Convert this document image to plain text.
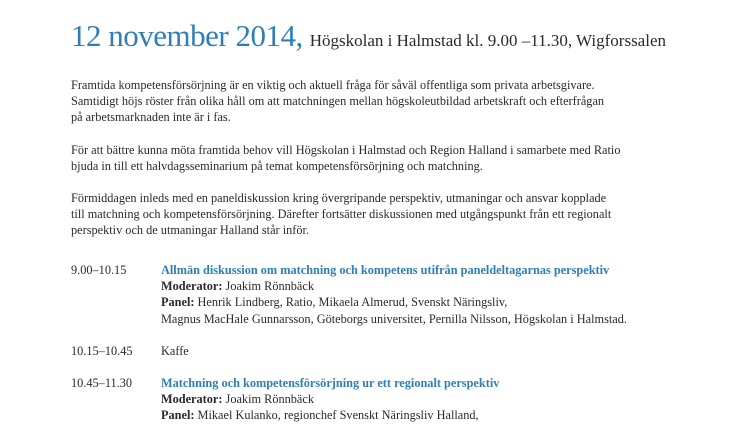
12 november 2014, Högskolan i Halmstad kl. 9.00 –11.30, Wigforssalen
Framtida kompetensförsörjning är en viktig och aktuell fråga för såväl offentliga som privata arbetsgivare.
Samtidigt höjs röster från olika håll om att matchningen mellan högskoleutbildad arbetskraft och efterfrågan
på arbetsmarknaden inte är i fas.
För att bättre kunna möta framtida behov vill Högskolan i Halmstad och Region Halland i samarbete med Ratio
bjuda in till ett halvdagsseminarium på temat kompetensförsörjning och matchning.
Förmiddagen inleds med en paneldiskussion kring övergripande perspektiv, utmaningar och ansvar kopplade
till matchning och kompetensförsörjning. Därefter fortsätter diskussionen med utgångspunkt från ett regionalt
perspektiv och de utmaningar Halland står inför.
9.00–10.15	Allmän diskussion om matchning och kompetens utifrån paneldeltagarnas perspektiv
Moderator: Joakim Rönnbäck
Panel: Henrik Lindberg, Ratio, Mikaela Almerud, Svenskt Näringsliv,
Magnus MacHale Gunnarsson, Göteborgs universitet, Pernilla Nilsson, Högskolan i Halmstad.
10.15–10.45 Kaffe
10.45–11.30 Matchning och kompetensförsörjning ur ett regionalt perspektiv
Moderator: Joakim Rönnbäck
Panel: Mikael Kulanko, regionchef Svenskt Näringsliv Halland,
